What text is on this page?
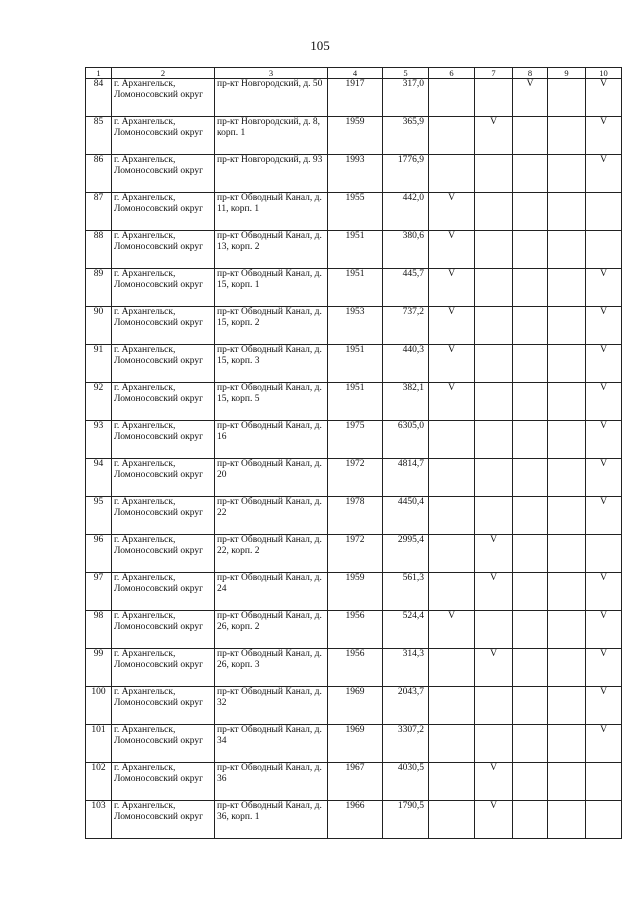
105
1	2	3	4	5	6	7	8	9	10
84	г. Архангельск, Ломоносовский округ	пр-кт Новгородский, д. 50	1917	317,0			V		V
85	г. Архангельск, Ломоносовский округ	пр-кт Новгородский, д. 8, корп. 1	1959	365,9		V			V
86	г. Архангельск, Ломоносовский округ	пр-кт Новгородский, д. 93	1993	1776,9					V
87	г. Архангельск, Ломоносовский округ	пр-кт Обводный Канал, д. 11, корп. 1	1955	442,0	V				
88	г. Архангельск, Ломоносовский округ	пр-кт Обводный Канал, д. 13, корп. 2	1951	380,6	V				
89	г. Архангельск, Ломоносовский округ	пр-кт Обводный Канал, д. 15, корп. 1	1951	445,7	V				V
90	г. Архангельск, Ломоносовский округ	пр-кт Обводный Канал, д. 15, корп. 2	1953	737,2	V				V
91	г. Архангельск, Ломоносовский округ	пр-кт Обводный Канал, д. 15, корп. 3	1951	440,3	V				V
92	г. Архангельск, Ломоносовский округ	пр-кт Обводный Канал, д. 15, корп. 5	1951	382,1	V				V
93	г. Архангельск, Ломоносовский округ	пр-кт Обводный Канал, д. 16	1975	6305,0					V
94	г. Архангельск, Ломоносовский округ	пр-кт Обводный Канал, д. 20	1972	4814,7					V
95	г. Архангельск, Ломоносовский округ	пр-кт Обводный Канал, д. 22	1978	4450,4					V
96	г. Архангельск, Ломоносовский округ	пр-кт Обводный Канал, д. 22, корп. 2	1972	2995,4		V			
97	г. Архангельск, Ломоносовский округ	пр-кт Обводный Канал, д. 24	1959	561,3		V			V
98	г. Архангельск, Ломоносовский округ	пр-кт Обводный Канал, д. 26, корп. 2	1956	524,4	V				V
99	г. Архангельск, Ломоносовский округ	пр-кт Обводный Канал, д. 26, корп. 3	1956	314,3		V			V
100	г. Архангельск, Ломоносовский округ	пр-кт Обводный Канал, д. 32	1969	2043,7					V
101	г. Архангельск, Ломоносовский округ	пр-кт Обводный Канал, д. 34	1969	3307,2					V
102	г. Архангельск, Ломоносовский округ	пр-кт Обводный Канал, д. 36	1967	4030,5		V			
103	г. Архангельск, Ломоносовский округ	пр-кт Обводный Канал, д. 36, корп. 1	1966	1790,5		V			
